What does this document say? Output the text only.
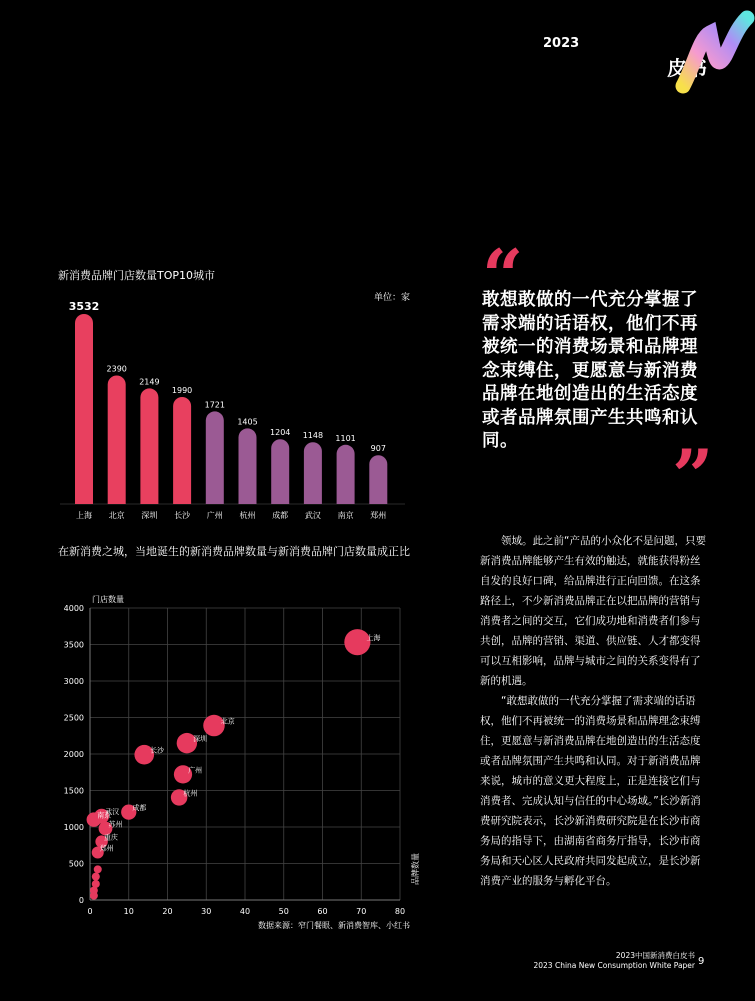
2023
皮书
新消费品牌门店数量TOP10城市
单位：家
3532
上海
2390
北京
2149
深圳
1990
长沙
1721
广州
1405
杭州
1204
成都
1148
武汉
1101
南京
907
郑州
在新消费之城，当地诞生的新消费品牌数量与新消费品牌门店数量成正比
门店数量
品牌数量
0	10	20	30	40	50	60	70	80
0
500
1000
1500
2000
2500
3000
3500
4000
上海
北京
深圳
长沙
广州
杭州
成都
武汉
南京
苏州
重庆
郑州
数据来源：窄门餐眼、新消费智库、小红书
“
敢想敢做的一代充分掌握了需求端的话语权，他们不再被统一的消费场景和品牌理念束缚住，更愿意与新消费品牌在地创造出的生活态度或者品牌氛围产生共鸣和认同。	”

领域。此之前“产品的小众化不是问题，只要新消费品牌能够产生有效的触达，就能获得粉丝自发的良好口碑，给品牌进行正向回馈。在这条路径上，不少新消费品牌正在以把品牌的营销与消费者之间的交互，它们成功地和消费者们参与共创，品牌的营销、渠道、供应链、人才都变得可以互相影响，品牌与城市之间的关系变得有了新的机遇。

“敢想敢做的一代充分掌握了需求端的话语权，他们不再被统一的消费场景和品牌理念束缚住，更愿意与新消费品牌在地创造出的生活态度或者品牌氛围产生共鸣和认同。对于新消费品牌来说，城市的意义更大程度上，正是连接它们与消费者、完成认知与信任的中心场域。”长沙新消费研究院表示，长沙新消费研究院是在长沙市商务局的指导下，由湖南省商务厅指导，长沙市商务局和天心区人民政府共同发起成立，是长沙新消费产业的服务与孵化平台。

2023中国新消费白皮书
2023 China New Consumption White Paper 9
